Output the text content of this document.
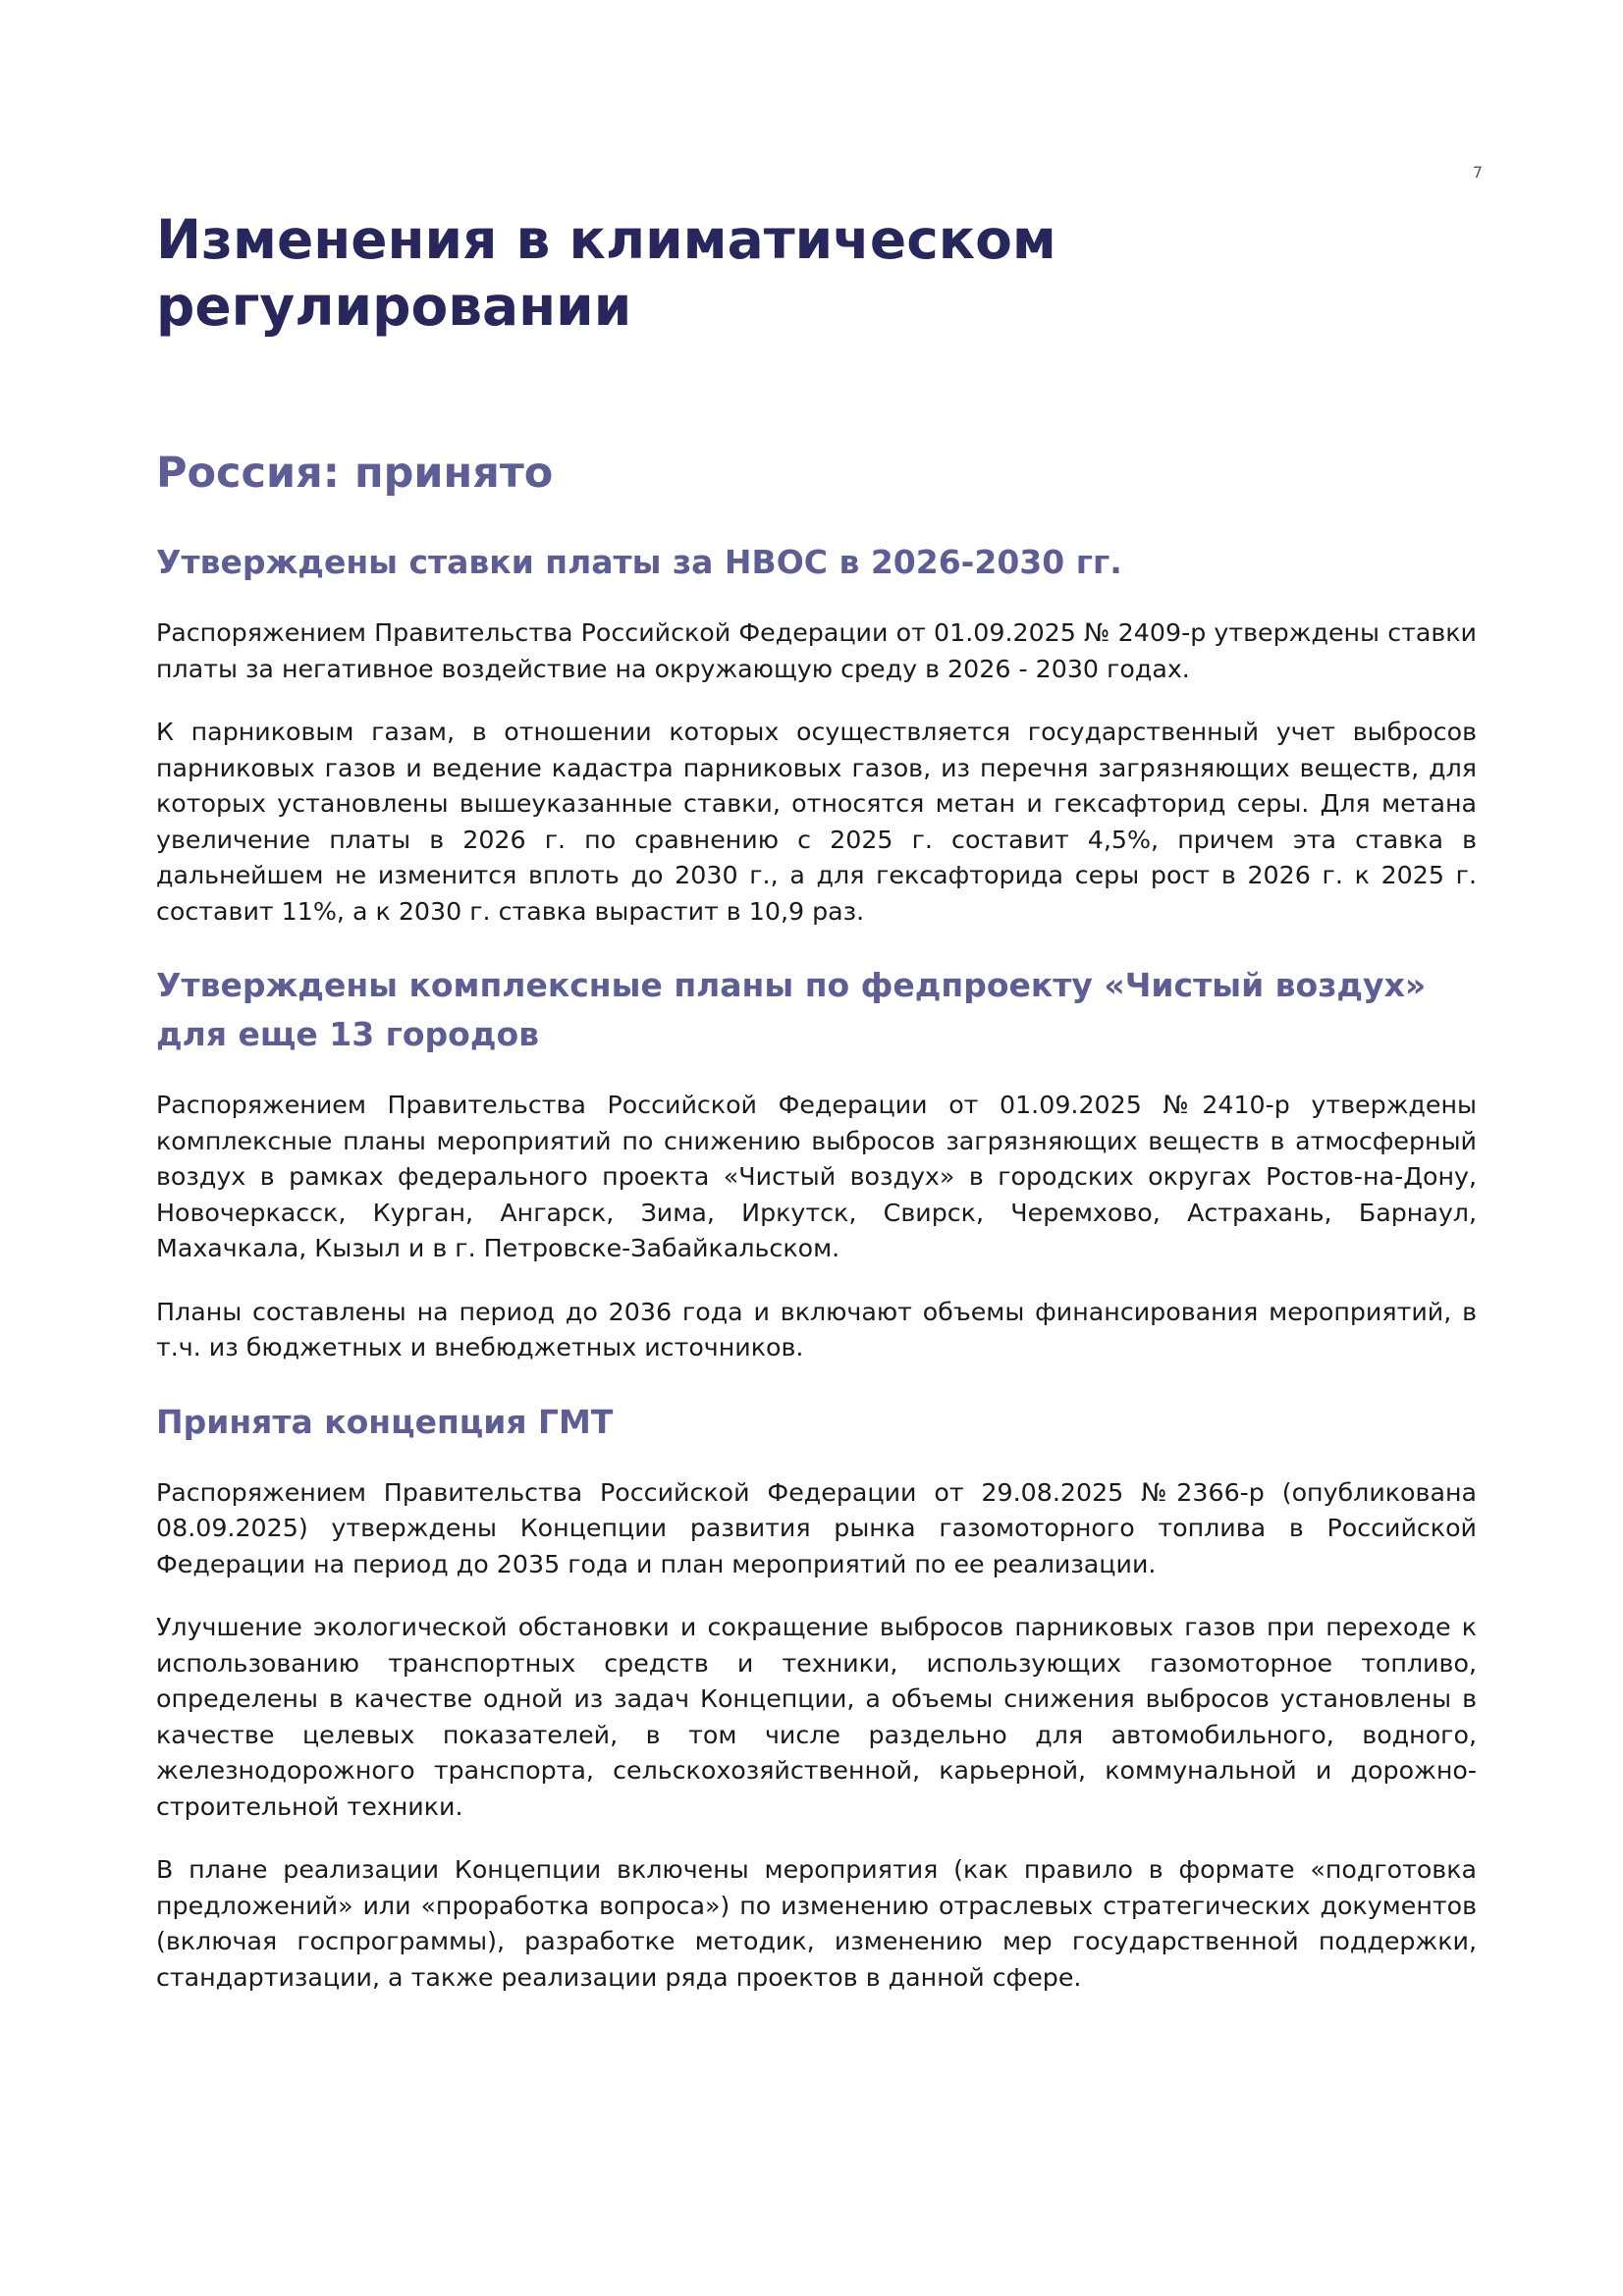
7
Изменения в климатическом регулировании
Россия: принято
Утверждены ставки платы за НВОС в 2026-2030 гг.

Распоряжением Правительства Российской Федерации от 01.09.2025 № 2409-р утверждены ставки платы за негативное воздействие на окружающую среду в 2026 - 2030 годах.

К парниковым газам, в отношении которых осуществляется государственный учет выбросов парниковых газов и ведение кадастра парниковых газов, из перечня загрязняющих веществ, для которых установлены вышеуказанные ставки, относятся метан и гексафторид серы. Для метана увеличение платы в 2026 г. по сравнению с 2025 г. составит 4,5%, причем эта ставка в дальнейшем не изменится вплоть до 2030 г., а для гексафторида серы рост в 2026 г. к 2025 г. составит 11%, а к 2030 г. ставка вырастит в 10,9 раз.

Утверждены комплексные планы по федпроекту «Чистый воздух» для еще 13 городов

Распоряжением Правительства Российской Федерации от 01.09.2025 №2410-р утверждены комплексные планы мероприятий по снижению выбросов загрязняющих веществ в атмосферный воздух в рамках федерального проекта «Чистый воздух» в городских округах Ростов-на-Дону, Новочеркасск, Курган, Ангарск, Зима, Иркутск, Свирск, Черемхово, Астрахань, Барнаул, Махачкала, Кызыл и в г. Петровске-Забайкальском.

Планы составлены на период до 2036 года и включают объемы финансирования мероприятий, в т.ч. из бюджетных и внебюджетных источников.

Принята концепция ГМТ

Распоряжением Правительства Российской Федерации от 29.08.2025 №2366-р (опубликована 08.09.2025) утверждены Концепции развития рынка газомоторного топлива в Российской Федерации на период до 2035 года и план мероприятий по ее реализации.

Улучшение экологической обстановки и сокращение выбросов парниковых газов при переходе к использованию транспортных средств и техники, использующих газомоторное топливо, определены в качестве одной из задач Концепции, а объемы снижения выбросов установлены в качестве целевых показателей, в том числе раздельно для автомобильного, водного, железнодорожного транспорта, сельскохозяйственной, карьерной, коммунальной и дорожно-строительной техники.

В плане реализации Концепции включены мероприятия (как правило в формате «подготовка предложений» или «проработка вопроса») по изменению отраслевых стратегических документов (включая госпрограммы), разработке методик, изменению мер государственной поддержки, стандартизации, а также реализации ряда проектов в данной сфере.
